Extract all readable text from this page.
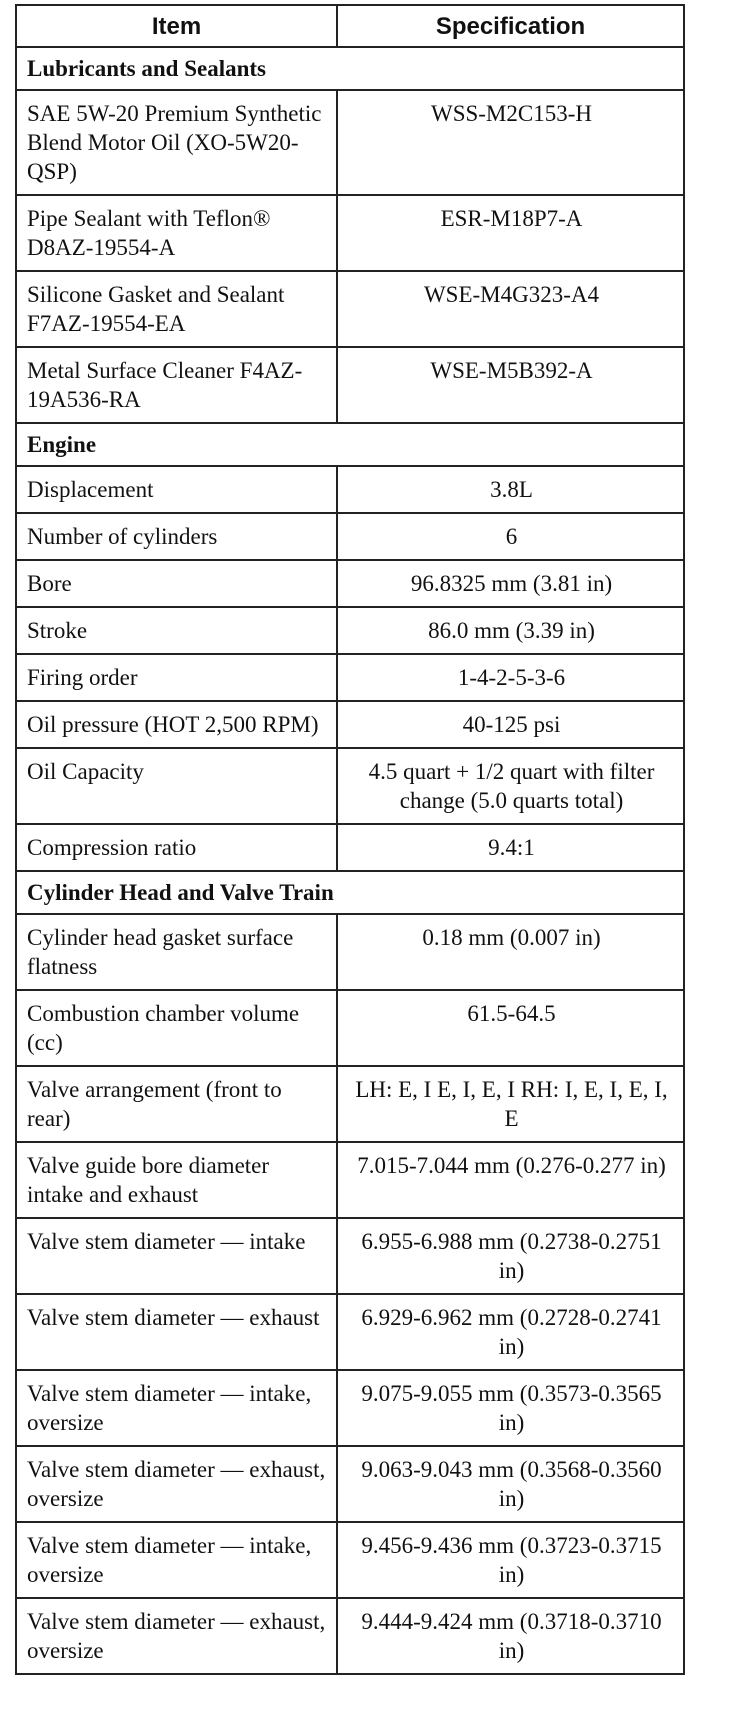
Item	Specification
Lubricants and Sealants	
SAE 5W-20 Premium Synthetic Blend Motor Oil (XO-5W20-QSP)	WSS-M2C153-H
Pipe Sealant with Teflon® D8AZ-19554-A	ESR-M18P7-A
Silicone Gasket and Sealant F7AZ-19554-EA	WSE-M4G323-A4
Metal Surface Cleaner F4AZ-19A536-RA	WSE-M5B392-A
Engine	
Displacement	3.8L
Number of cylinders	6
Bore	96.8325 mm (3.81 in)
Stroke	86.0 mm (3.39 in)
Firing order	1-4-2-5-3-6
Oil pressure (HOT 2,500 RPM)	40-125 psi
Oil Capacity	4.5 quart + 1/2 quart with filter change (5.0 quarts total)
Compression ratio	9.4:1
Cylinder Head and Valve Train	
Cylinder head gasket surface flatness	0.18 mm (0.007 in)
Combustion chamber volume (cc)	61.5-64.5
Valve arrangement (front to rear)	LH: E, I E, I, E, I RH: I, E, I, E, I, E
Valve guide bore diameter intake and exhaust	7.015-7.044 mm (0.276-0.277 in)
Valve stem diameter — intake	6.955-6.988 mm (0.2738-0.2751 in)
Valve stem diameter — exhaust	6.929-6.962 mm (0.2728-0.2741 in)
Valve stem diameter — intake, oversize	9.075-9.055 mm (0.3573-0.3565 in)
Valve stem diameter — exhaust, oversize	9.063-9.043 mm (0.3568-0.3560 in)
Valve stem diameter — intake, oversize	9.456-9.436 mm (0.3723-0.3715 in)
Valve stem diameter — exhaust, oversize	9.444-9.424 mm (0.3718-0.3710 in)
